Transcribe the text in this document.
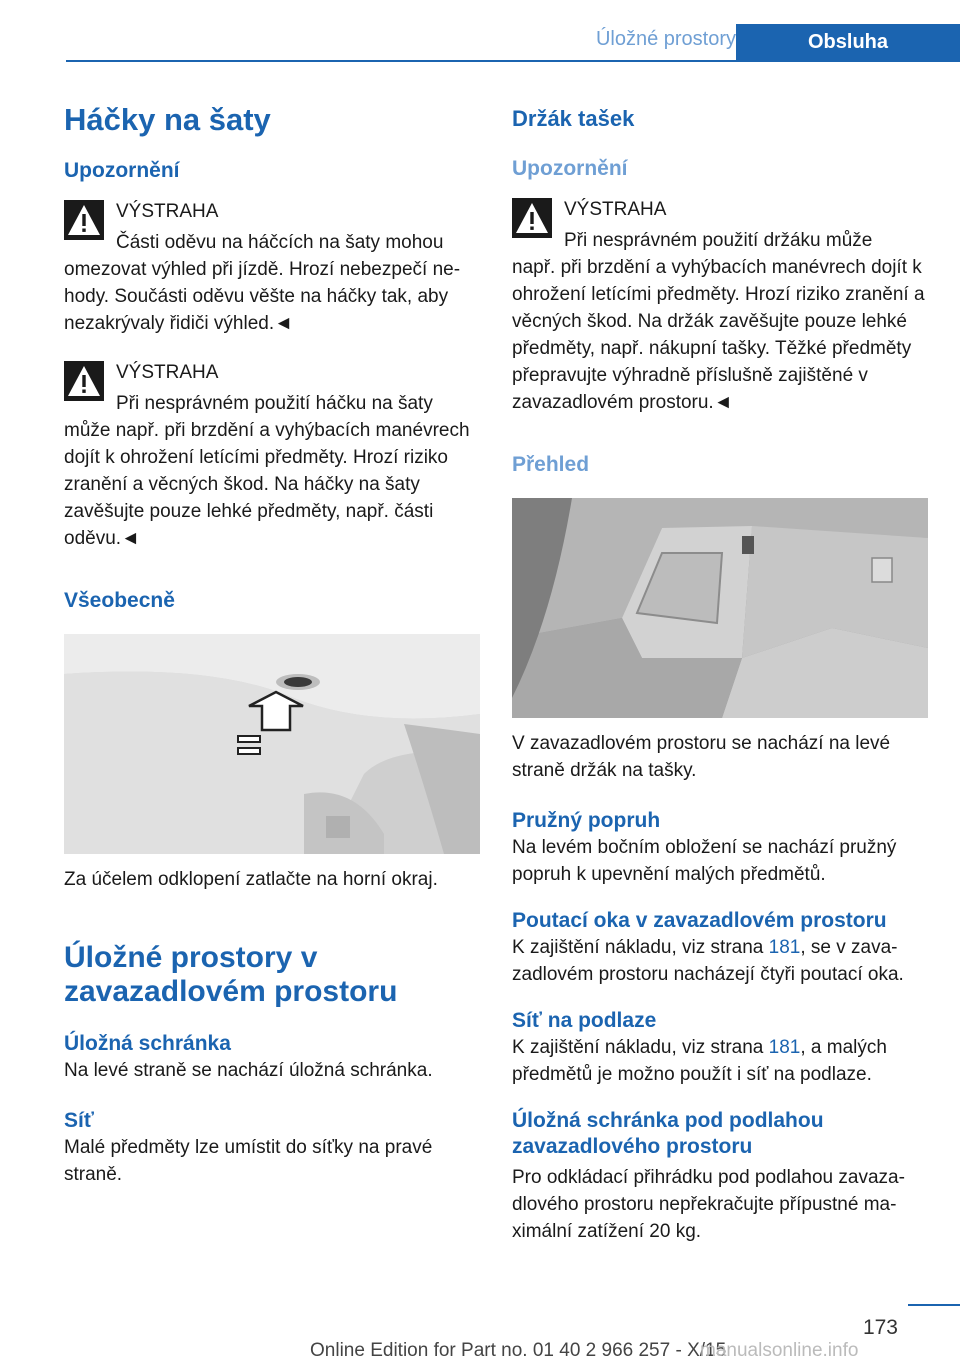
Úložné prostory	Obsluha
Háčky na šaty
Upozornění
VÝSTRAHA
Části oděvu na háčcích na šaty mohou
omezovat výhled při jízdě. Hrozí nebezpečí nehody. Součásti oděvu věšte na háčky tak, aby nezakrývaly řidiči výhled.◄
VÝSTRAHA
Při nesprávném použití háčku na šaty
může např. při brzdění a vyhýbacích manévrech dojít k ohrožení letícími předměty. Hrozí riziko zranění a věcných škod. Na háčky na šaty zavěšujte pouze lehké předměty, např. části oděvu.◄
Všeobecně
Za účelem odklopení zatlačte na horní okraj.
Úložné prostory v zavazadlovém prostoru
Úložná schránka
Na levé straně se nachází úložná schránka.
Síť
Malé předměty lze umístit do síťky na pravé straně.
Držák tašek
Upozornění
VÝSTRAHA
Při nesprávném použití držáku může
např. při brzdění a vyhýbacích manévrech dojít k ohrožení letícími předměty. Hrozí riziko zranění a věcných škod. Na držák zavěšujte pouze lehké předměty, např. nákupní tašky. Těžké předměty přepravujte výhradně příslušně zajištěné v zavazadlovém prostoru.◄
Přehled
V zavazadlovém prostoru se nachází na levé straně držák na tašky.
Pružný popruh
Na levém bočním obložení se nachází pružný popruh k upevnění malých předmětů.
Poutací oka v zavazadlovém prostoru
K zajištění nákladu, viz strana 181, se v zavazadlovém prostoru nacházejí čtyři poutací oka.
Síť na podlaze
K zajištění nákladu, viz strana 181, a malých předmětů je možno použít i síť na podlaze.
Úložná schránka pod podlahou zavazadlového prostoru
Pro odkládací přihrádku pod podlahou zavazadlového prostoru nepřekračujte přípustné maximální zatížení 20 kg.
173
Online Edition for Part no. 01 40 2 966 257 - X/15
manualsonline.info
